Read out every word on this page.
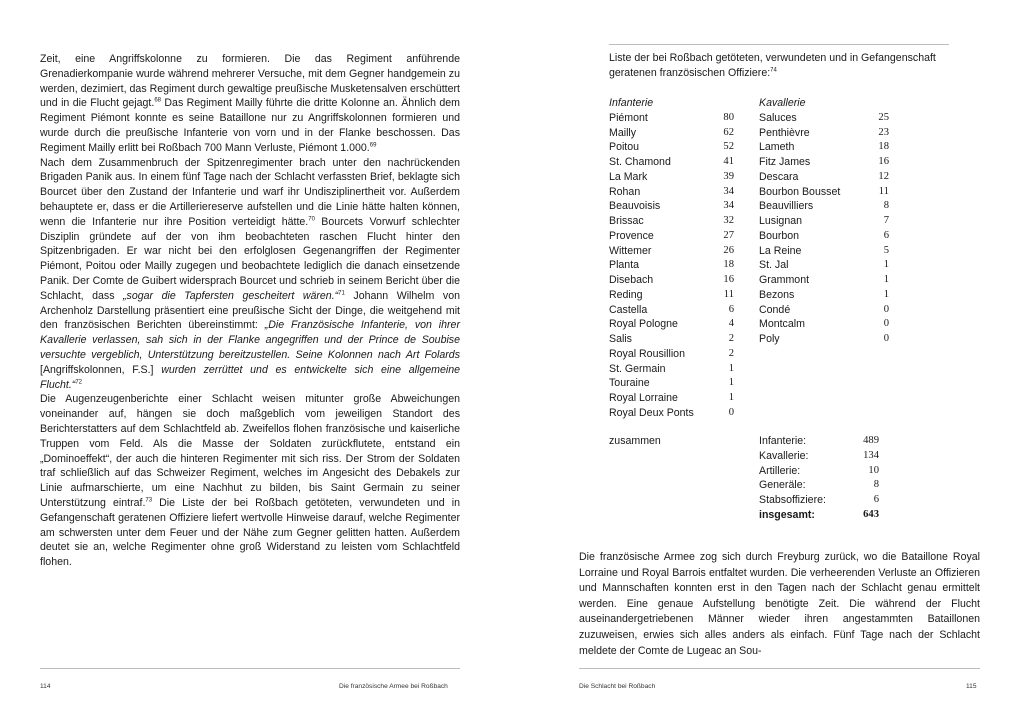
Zeit, eine Angriffskolonne zu formieren. Die das Regiment anführende Grenadierkompanie wurde während mehrerer Versuche, mit dem Gegner handgemein zu werden, dezimiert, das Regiment durch gewaltige preußische Musketensalven erschüttert und in die Flucht gejagt.$^{68}$ Das Regiment Mailly führte die dritte Kolonne an. Ähnlich dem Regiment Piémont konnte es seine Bataillone nur zu Angriffskolonnen formieren und wurde durch die preußische Infanterie von vorn und in der Flanke beschossen. Das Regiment Mailly erlitt bei Roßbach 700 Mann Verluste, Piémont 1.000.69

Nach dem Zusammenbruch der Spitzenregimenter brach unter den nachrückenden Brigaden Panik aus. In einem fünf Tage nach der Schlacht verfassten Brief, beklagte sich Bourcet über den Zustand der Infanterie und warf ihr Undisziplinertheit vor. Außerdem behauptete er, dass er die Artilleriereserve aufstellen und die Linie hätte halten können, wenn die Infanterie nur ihre Position verteidigt hätte.$^{70}$ Bourcets Vorwurf schlechter Disziplin gründete auf der von ihm beobachteten raschen Flucht hinter den Spitzenbrigaden. Er war nicht bei den erfolglosen Gegenangriffen der Regimenter Piémont, Poitou oder Mailly zugegen und beobachtete lediglich die danach einsetzende Panik. Der Comte de Guibert widersprach Bourcet und schrieb in seinem Bericht über die Schlacht, dass „sogar die Tapfersten gescheitert wären.“$^{71}$ Johann Wilhelm von Archenholz Darstellung präsentiert eine preußische Sicht der Dinge, die weitgehend mit den französischen Berichten übereinstimmt: „Die Französische Infanterie, von ihrer Kavallerie verlassen, sah sich in der Flanke angegriffen und der Prince de Soubise versuchte vergeblich, Unterstützung bereitzustellen. Seine Kolonnen nach Art Folards [Angriffskolonnen, F.S.] wurden zerrüttet und es entwickelte sich eine allgemeine Flucht.“$^{72}$

Die Augenzeugenberichte einer Schlacht weisen mitunter große Abweichungen voneinander auf, hängen sie doch maßgeblich vom jeweiligen Standort des Berichterstatters auf dem Schlachtfeld ab. Zweifellos flohen französische und kaiserliche Truppen vom Feld. Als die Masse der Soldaten zurückflutete, entstand ein „Dominoeffekt“, der auch die hinteren Regimenter mit sich riss. Der Strom der Soldaten traf schließlich auf das Schweizer Regiment, welches im Angesicht des Debakels zur Linie aufmarschierte, um eine Nachhut zu bilden, bis Saint Germain zu seiner Unterstützung eintraf.$^{73}$ Die Liste der bei Roßbach getöteten, verwundeten und in Gefangenschaft geratenen Offiziere liefert wertvolle Hinweise darauf, welche Regimenter am schwersten unter dem Feuer und der Nähe zum Gegner gelitten hatten. Außerdem deutet sie an, welche Regimenter ohne groß Widerstand zu leisten vom Schlachtfeld flohen.

114	Die französische Armee bei Roßbach
Liste der bei Roßbach getöteten, verwundeten und in Gefangenschaft geratenen französischen Offiziere:$^{74}$
Infanterie
Piémont	80
Mailly	62
Poitou	52
St. Chamond	41
La Mark	39
Rohan	34
Beauvoisis	34
Brissac	32
Provence	27
Wittemer	26
Planta	18
Disebach	16
Reding	11
Castella	6
Royal Pologne	4
Salis	2
Royal Rousillion	2
St. Germain	1
Touraine	1
Royal Lorraine	1
Royal Deux Ponts	0
Kavallerie
Saluces	25
Penthièvre	23
Lameth	18
Fitz James	16
Descara	12
Bourbon Bousset	11
Beauvilliers	8
Lusignan	7
Bourbon	6
La Reine	5
St. Jal	1
Grammont	1
Bezons	1
Condé	0
Montcalm	0
Poly	0
zusammen	Infanterie:	489
Kavallerie:	134
Artillerie:	10
Generäle:	8
Stabsoffiziere:	6
insgesamt:	643

Die französische Armee zog sich durch Freyburg zurück, wo die Bataillone Royal Lorraine und Royal Barrois entfaltet wurden. Die verheerenden Verluste an Offizieren und Mannschaften konnten erst in den Tagen nach der Schlacht genau ermittelt werden. Eine genaue Aufstellung benötigte Zeit. Die während der Flucht auseinandergetriebenen Männer wieder ihren angestammten Bataillonen zuzuweisen, erwies sich alles anders als einfach. Fünf Tage nach der Schlacht meldete der Comte de Lugeac an Sou-

Die Schlacht bei Roßbach	115
